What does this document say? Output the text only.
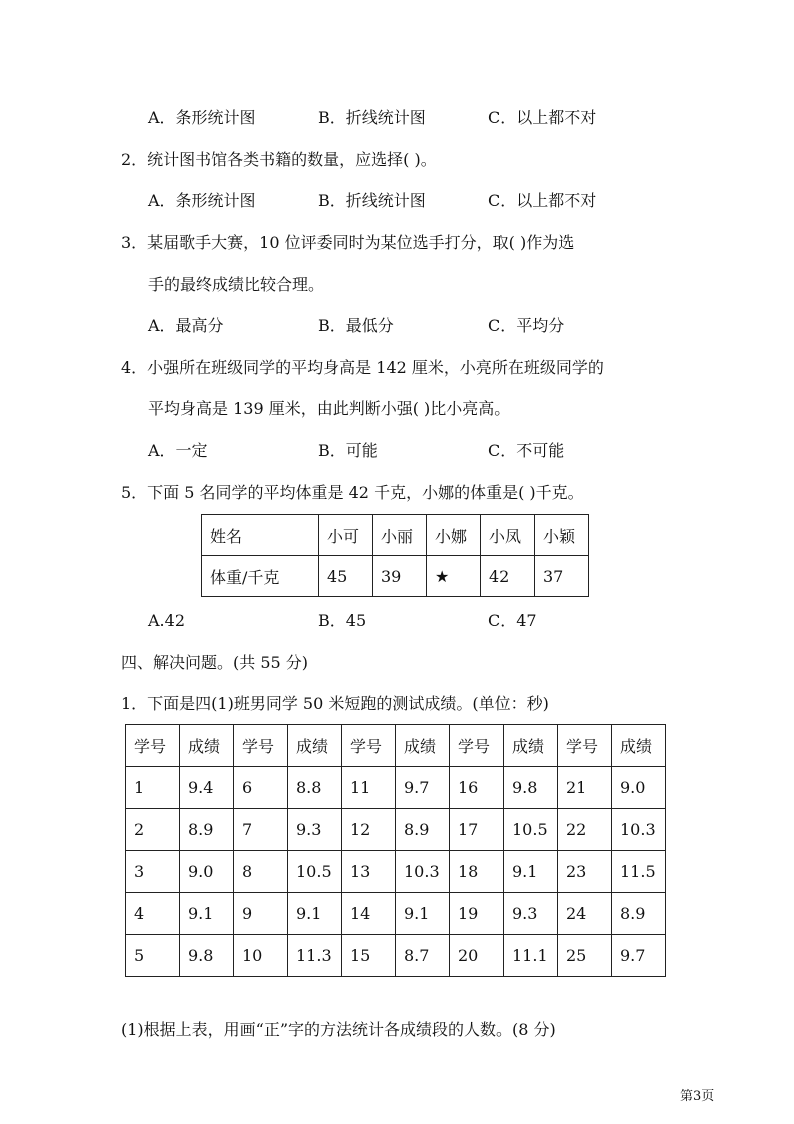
A．条形统计图	B．折线统计图	C．以上都不对
2．统计图书馆各类书籍的数量，应选择( )。
A．条形统计图	B．折线统计图	C．以上都不对
3．某届歌手大赛，10 位评委同时为某位选手打分，取( )作为选
手的最终成绩比较合理。
A．最高分	B．最低分	C．平均分
4．小强所在班级同学的平均身高是 142 厘米，小亮所在班级同学的
平均身高是 139 厘米，由此判断小强( )比小亮高。
A．一定	B．可能	C．不可能
5．下面 5 名同学的平均体重是 42 千克，小娜的体重是( )千克。
姓名	小可	小丽	小娜	小凤	小颖
体重/千克	45	39	★	42	37
A.42	B．45	C．47
四、解决问题。(共 55 分)
1．下面是四(1)班男同学 50 米短跑的测试成绩。(单位：秒)
学号	成绩	学号	成绩	学号	成绩	学号	成绩	学号	成绩
1	9.4	6	8.8	11	9.7	16	9.8	21	9.0
2	8.9	7	9.3	12	8.9	17	10.5	22	10.3
3	9.0	8	10.5	13	10.3	18	9.1	23	11.5
4	9.1	9	9.1	14	9.1	19	9.3	24	8.9
5	9.8	10	11.3	15	8.7	20	11.1	25	9.7
(1)根据上表，用画“正”字的方法统计各成绩段的人数。(8 分)
第3页
